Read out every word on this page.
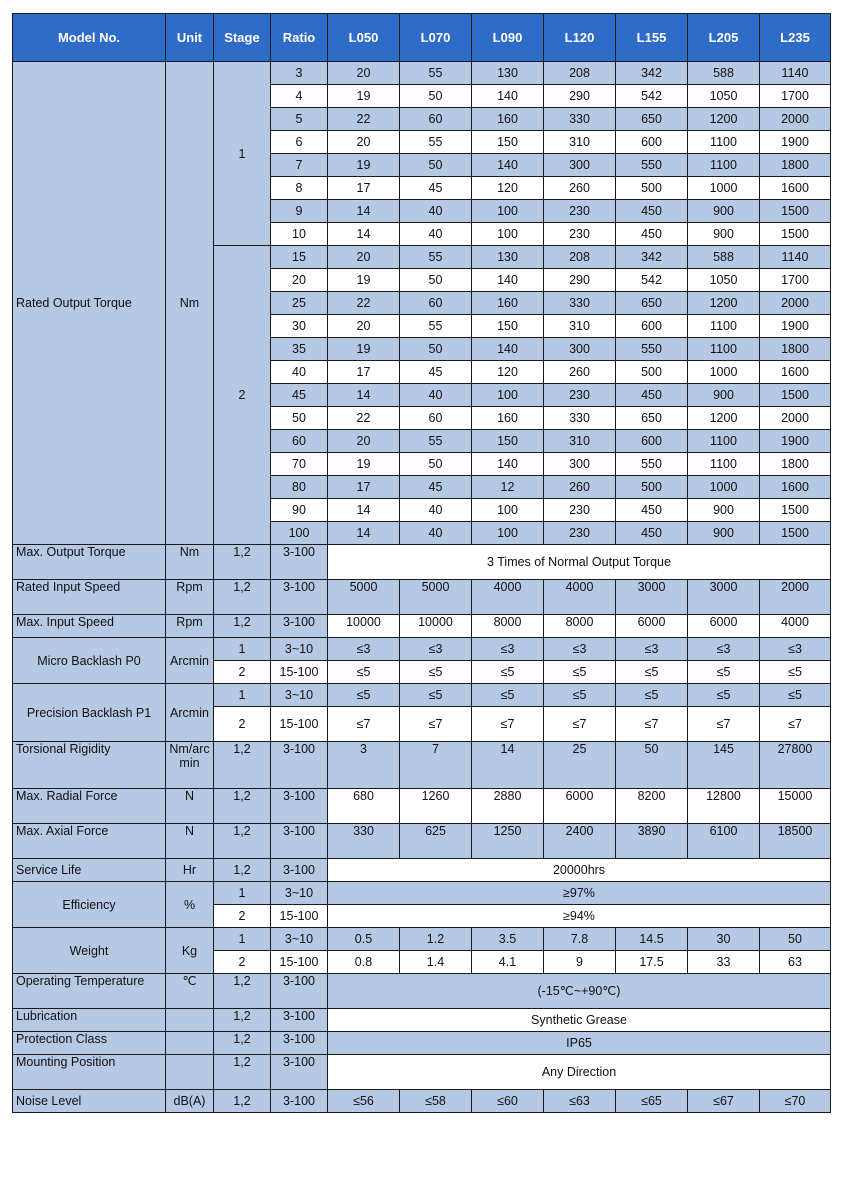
Model No.	Unit	Stage	Ratio	L050	L070	L090	L120	L155	L205	L235
Rated Output Torque	Nm	1	3	20	55	130	208	342	588	1140
			4	19	50	140	290	542	1050	1700
			5	22	60	160	330	650	1200	2000
			6	20	55	150	310	600	1100	1900
			7	19	50	140	300	550	1100	1800
			8	17	45	120	260	500	1000	1600
			9	14	40	100	230	450	900	1500
			10	14	40	100	230	450	900	1500
		2	15	20	55	130	208	342	588	1140
			20	19	50	140	290	542	1050	1700
			25	22	60	160	330	650	1200	2000
			30	20	55	150	310	600	1100	1900
			35	19	50	140	300	550	1100	1800
			40	17	45	120	260	500	1000	1600
			45	14	40	100	230	450	900	1500
			50	22	60	160	330	650	1200	2000
			60	20	55	150	310	600	1100	1900
			70	19	50	140	300	550	1100	1800
			80	17	45	12	260	500	1000	1600
			90	14	40	100	230	450	900	1500
			100	14	40	100	230	450	900	1500
Max. Output Torque	Nm	1,2	3-100	3 Times of Normal Output Torque						
Rated Input Speed	Rpm	1,2	3-100	5000	5000	4000	4000	3000	3000	2000
Max. Input Speed	Rpm	1,2	3-100	10000	10000	8000	8000	6000	6000	4000
Micro Backlash P0	Arcmin	1	3~10	≤3	≤3	≤3	≤3	≤3	≤3	≤3
		2	15-100	≤5	≤5	≤5	≤5	≤5	≤5	≤5
Precision Backlash P1	Arcmin	1	3~10	≤5	≤5	≤5	≤5	≤5	≤5	≤5
		2	15-100	≤7	≤7	≤7	≤7	≤7	≤7	≤7
Torsional Rigidity	Nm/arc min	1,2	3-100	3	7	14	25	50	145	27800
Max. Radial Force	N	1,2	3-100	680	1260	2880	6000	8200	12800	15000
Max. Axial Force	N	1,2	3-100	330	625	1250	2400	3890	6100	18500
Service Life	Hr	1,2	3-100	20000hrs						
Efficiency	%	1	3~10	≥97%						
		2	15-100	≥94%						
Weight	Kg	1	3~10	0.5	1.2	3.5	7.8	14.5	30	50
		2	15-100	0.8	1.4	4.1	9	17.5	33	63
Operating Temperature	℃	1,2	3-100	(-15℃~+90℃)						
Lubrication		1,2	3-100	Synthetic Grease						
Protection Class		1,2	3-100	IP65						
Mounting Position		1,2	3-100	Any Direction						
Noise Level	dB(A)	1,2	3-100	≤56	≤58	≤60	≤63	≤65	≤67	≤70
